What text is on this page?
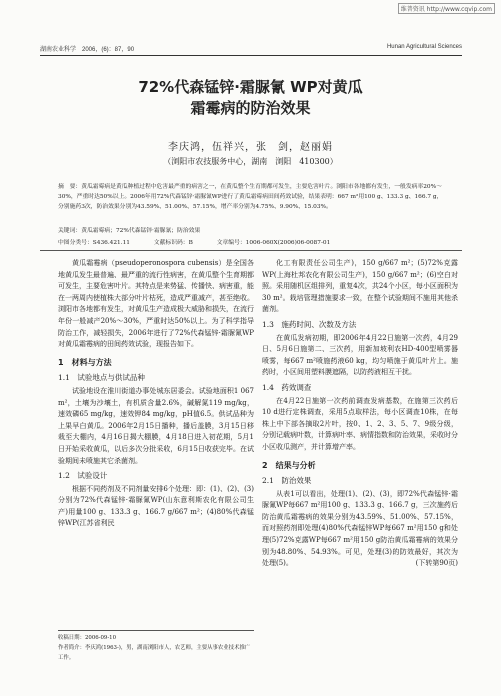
维普资讯 http://www.cqvip.com
湖南农业科学　2006，(6)：87，90	Hunan Agricultural Sciences
72%代森锰锌·霜脲氰 WP对黄瓜
霜霉病的防治效果
李庆鸿，伍祥兴，张　剑，赵丽娟
（浏阳市农技服务中心，湖南　浏阳　410300）
摘　要：黄瓜霜霉病是黄瓜种植过程中危害最严重的病害之一，在黄瓜整个生育期都可发生，主要危害叶片。浏阳市各地都有发生，一般发病率20%～30%，严重时达50%以上。2006年用72%代森锰锌·霜脲氰WP进行了黄瓜霜霉病田间药效试验，结果表明：667 m²用100 g、133.3 g、166.7 g，分别施药3次，防治效果分别为43.59%、51.00%、57.15%，增产率分别为4.75%、9.90%、15.03%。
关键词：黄瓜霜霉病；72%代森锰锌·霜脲氰；防治效果
中图分类号：S436.421.11	文献标识码：B	文章编号：1006-060X(2006)06-0087-01

黄瓜霜霉病（pseudoperonospora cubensis）是全国各地黄瓜发生最普遍、最严重的流行性病害，在黄瓜整个生育期都可发生，主要危害叶片。其特点是来势猛、传播快、病害重，能在一两周内使植株大部分叶片枯死，造成严重减产，甚至绝收。浏阳市各地都有发生，对黄瓜生产造成极大威胁和损失，在流行年份一般减产20%～30%，严重时达50%以上。为了科学指导防治工作，减轻损失，2006年进行了72%代森锰锌·霜脲氰WP对黄瓜霜霉病的田间药效试验，现报告如下。

1　材料与方法
1.1　试验地点与供试品种

试验地设在淮川街道办事处城东居委会。试验地面积1 067 m²，土壤为沙壤土，有机质含量2.6%，碱解氮119 mg/kg，速效磷65 mg/kg，速效钾84 mg/kg，pH值6.5。供试品种为上果早白黄瓜。2006年2月15日播种，播后盖膜，3月15日移栽至大棚内，4月16日揭大棚膜，4月18日进入初花期，5月1日开始采收黄瓜，以后多次分批采收，6月15日收获完毕。在试验期间未喷施其它杀菌剂。

1.2　试验设计

根据不同药剂及不同剂量安排6个处理：即：(1)、(2)、(3)分别为72%代森锰锌·霜脲氰WP(山东意利斯农化有限公司生产)用量100 g、133.3 g、166.7 g/667 m²；(4)80%代森锰锌WP(江苏省利民

收稿日期：2006-09-10
作者简介：李庆鸿(1963-)，男，湖南浏阳市人，农艺师，主要从事农业技术推广工作。

化工有限责任公司生产)，150 g/667 m²；(5)72%克露WP(上海杜邦农化有限公司生产)，150 g/667 m²；(6)空白对照。采用随机区组排列，重复4次，共24个小区，每小区面积为30 m²。栽培管理措施要求一致，在整个试验期间不施用其他杀菌剂。

1.3　施药时间、次数及方法

在黄瓜发病初期，即2006年4月22日施第一次药，4月29日、5月6日施第二、三次药，用新加坡利农HD-400型喷雾器喷雾，每667 m²喷施药液60 kg，均匀喷施于黄瓜叶片上。施药时，小区间用塑料膜遮隔，以防药液相互干扰。

1.4　药效调查

在4月22日施第一次药前调查发病基数，在施第三次药后10 d进行定株调查，采用5点取样法，每小区调查10株，在每株上中下部各摘取2片叶，按0、1、2、3、5、7、9级分级，分别记载病叶数，计算病叶率、病情指数和防治效果，采收时分小区收瓜测产，并计算增产率。

2　结果与分析
2.1　防治效果

从表1可以看出，处理(1)、(2)、(3)，即72%代森锰锌·霜脲氰WP每667 m²用100 g、133.3 g、166.7 g，三次施药后防治黄瓜霜霉病的效果分别为43.59%、51.00%、57.15%，而对照药剂即处理(4)80%代森锰锌WP每667 m²用150 g和处理(5)72%克露WP每667 m²用150 g防治黄瓜霜霉病的效果分别为48.80%、54.93%。可见，处理(3)的防效最好，其次为处理(5)。	(下转第90页)
